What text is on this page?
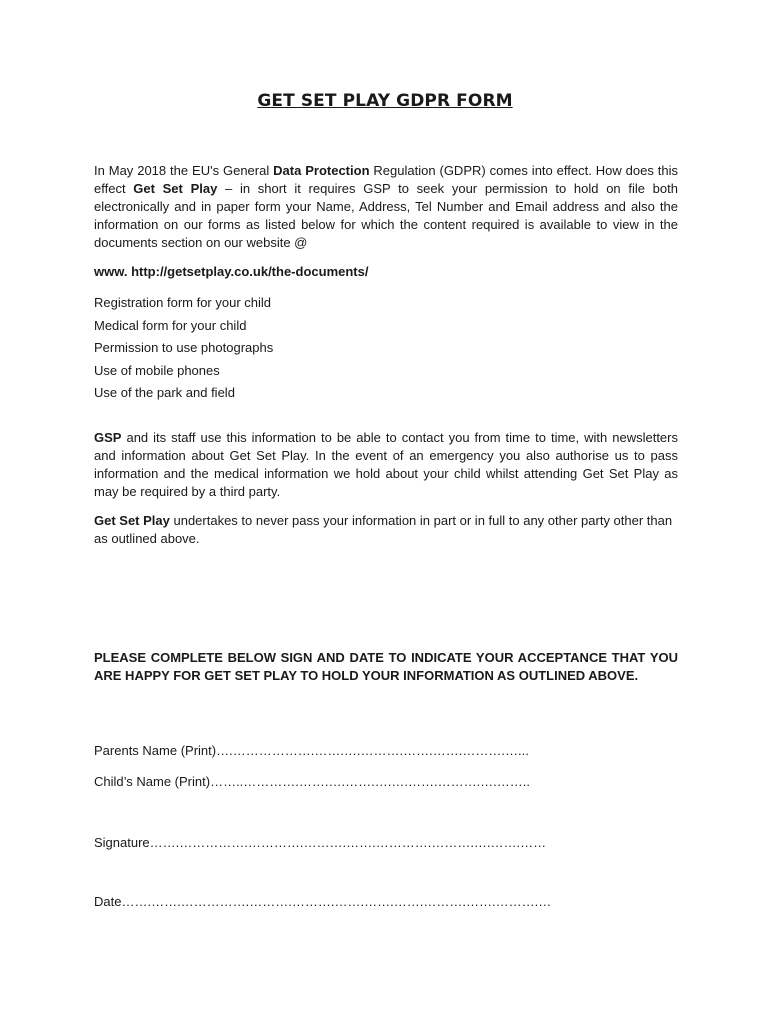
GET SET PLAY GDPR FORM
In May 2018 the EU's General Data Protection Regulation (GDPR) comes into effect. How does this effect Get Set Play – in short it requires GSP to seek your permission to hold on file both electronically and in paper form your Name, Address, Tel Number and Email address and also the information on our forms as listed below for which the content required is available to view in the documents section on our website @
www. http://getsetplay.co.uk/the-documents/
Registration form for your child
Medical form for your child
Permission to use photographs
Use of mobile phones
Use of the park and field
GSP and its staff use this information to be able to contact you from time to time, with newsletters and information about Get Set Play. In the event of an emergency you also authorise us to pass information and the medical information we hold about your child whilst attending Get Set Play as may be required by a third party.
Get Set Play undertakes to never pass your information in part or in full to any other party other than as outlined above.
PLEASE COMPLETE BELOW SIGN AND DATE TO INDICATE YOUR ACCEPTANCE THAT YOU ARE HAPPY FOR GET SET PLAY TO HOLD YOUR INFORMATION AS OUTLINED ABOVE.
Parents Name (Print)….……………….…….….……….…….…….……….…...
Child’s Name (Print)……..………….…….….…….….….…….……….….……..
Signature…….…………….………….……….…….………….……….….…….……
Date…….…….…………….……….……….…….…….…….……….…….……….…
